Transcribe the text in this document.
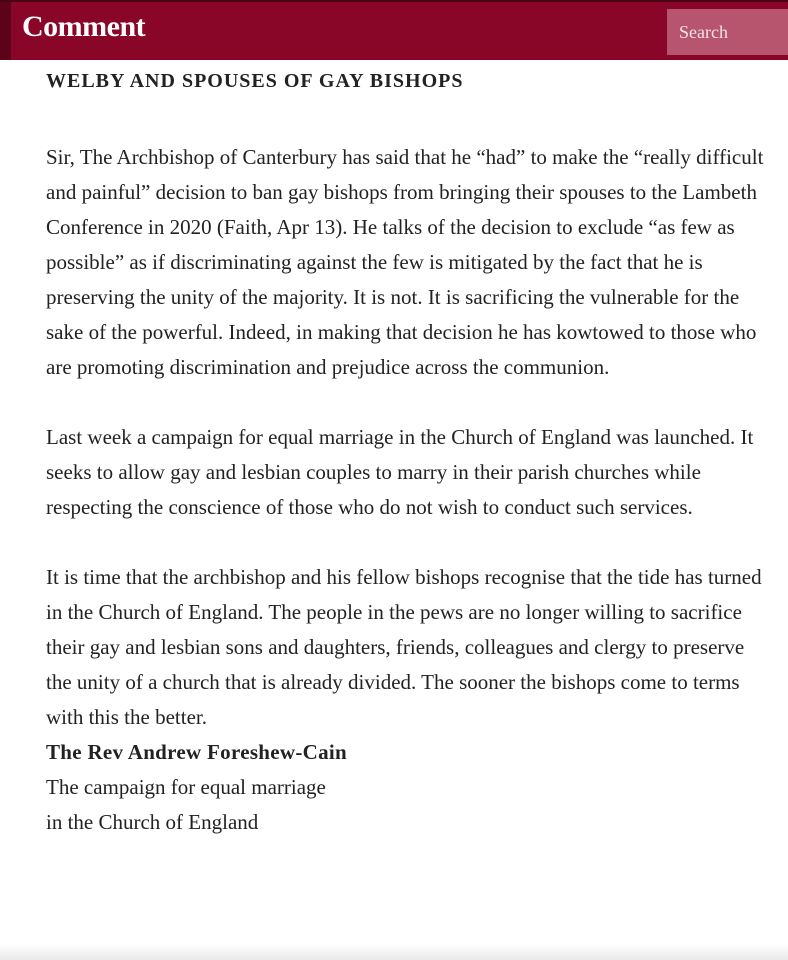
Comment
Search
WELBY AND SPOUSES OF GAY BISHOPS

Sir, The Archbishop of Canterbury has said that he “had” to make the “really difficult and painful” decision to ban gay bishops from bringing their spouses to the Lambeth Conference in 2020 (Faith, Apr 13). He talks of the decision to exclude “as few as possible” as if discriminating against the few is mitigated by the fact that he is preserving the unity of the majority. It is not. It is sacrificing the vulnerable for the sake of the powerful. Indeed, in making that decision he has kowtowed to those who are promoting discrimination and prejudice across the communion.

Last week a campaign for equal marriage in the Church of England was launched. It seeks to allow gay and lesbian couples to marry in their parish churches while respecting the conscience of those who do not wish to conduct such services.

It is time that the archbishop and his fellow bishops recognise that the tide has turned in the Church of England. The people in the pews are no longer willing to sacrifice their gay and lesbian sons and daughters, friends, colleagues and clergy to preserve the unity of a church that is already divided. The sooner the bishops come to terms with this the better.

The Rev Andrew Foreshew-Cain

The campaign for equal marriage

in the Church of England
